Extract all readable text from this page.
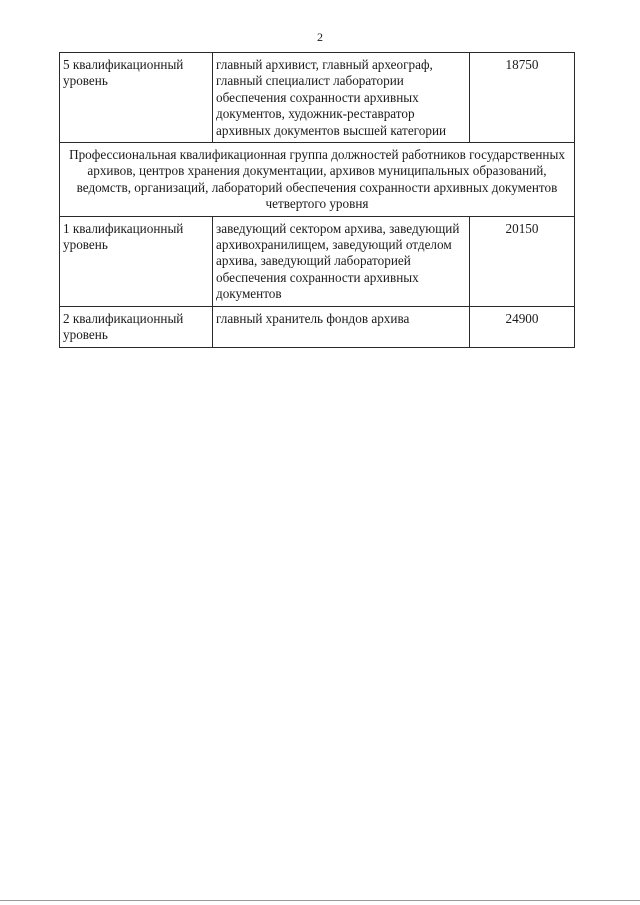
2
5 квалификационный уровень	главный архивист, главный археограф, главный специалист лаборатории обеспечения сохранности архивных документов, художник-реставратор архивных документов высшей категории	18750
Профессиональная квалификационная группа должностей работников государственных архивов, центров хранения документации, архивов муниципальных образований, ведомств, организаций, лабораторий обеспечения сохранности архивных документов четвертого уровня		
1 квалификационный уровень	заведующий сектором архива, заведующий архивохранилищем, заведующий отделом архива, заведующий лабораторией обеспечения сохранности архивных документов	20150
2 квалификационный уровень	главный хранитель фондов архива	24900
